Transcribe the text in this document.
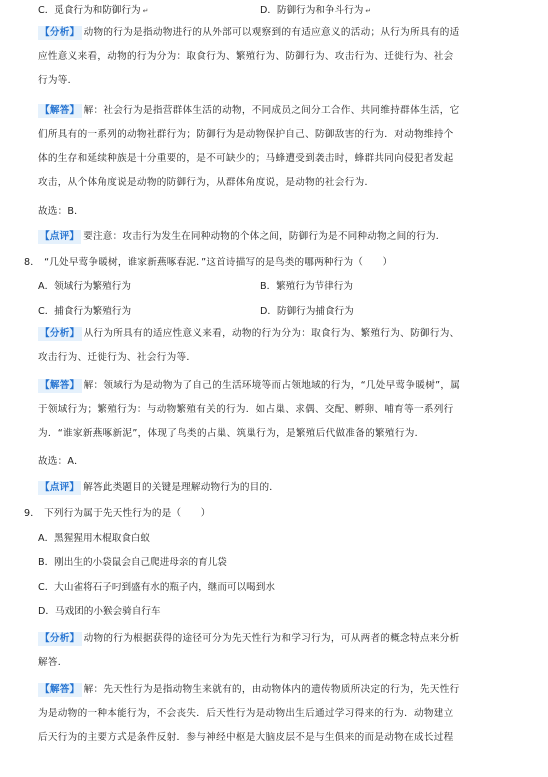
C．觅食行为和防御行为 ↵	D．防御行为和争斗行为 ↵
【分析】 动物的行为是指动物进行的从外部可以观察到的有适应意义的活动；从行为所具有的适
应性意义来看，动物的行为分为：取食行为、繁殖行为、防御行为、攻击行为、迁徙行为、社会
行为等．
【解答】 解：社会行为是指营群体生活的动物，不同成员之间分工合作、共同维持群体生活，它
们所具有的一系列的动物社群行为；防御行为是动物保护自己、防御敌害的行为．对动物维持个
体的生存和延续种族是十分重要的，是不可缺少的；马蜂遭受到袭击时，蜂群共同向侵犯者发起
攻击，从个体角度说是动物的防御行为，从群体角度说，是动物的社会行为．
故选：B．
【点评】 要注意：攻击行为发生在同种动物的个体之间，防御行为是不同种动物之间的行为．
8． “几处早莺争暖树，谁家新燕啄春泥．”这首诗描写的是鸟类的哪两种行为（　　）
A．领域行为繁殖行为	B．繁殖行为节律行为
C．捕食行为繁殖行为	D．防御行为捕食行为
【分析】 从行为所具有的适应性意义来看，动物的行为分为：取食行为、繁殖行为、防御行为、
攻击行为、迁徙行为、社会行为等．
【解答】 解：领域行为是动物为了自己的生活环境等而占领地域的行为，“几处早莺争暖树”，属
于领域行为；繁殖行为：与动物繁殖有关的行为．如占巢、求偶、交配、孵卵、哺育等一系列行
为．“谁家新燕啄新泥”，体现了鸟类的占巢、筑巢行为，是繁殖后代做准备的繁殖行为．
故选：A．
【点评】 解答此类题目的关键是理解动物行为的目的．
9． 下列行为属于先天性行为的是（　　）
A．黑猩猩用木棍取食白蚁
B．刚出生的小袋鼠会自己爬进母亲的育儿袋
C．大山雀将石子叼到盛有水的瓶子内，继而可以喝到水
D．马戏团的小猴会骑自行车
【分析】 动物的行为根据获得的途径可分为先天性行为和学习行为，可从两者的概念特点来分析
解答．
【解答】 解：先天性行为是指动物生来就有的，由动物体内的遗传物质所决定的行为，先天性行
为是动物的一种本能行为，不会丧失．后天性行为是动物出生后通过学习得来的行为．动物建立
后天行为的主要方式是条件反射．参与神经中枢是大脑皮层不是与生俱来的而是动物在成长过程
